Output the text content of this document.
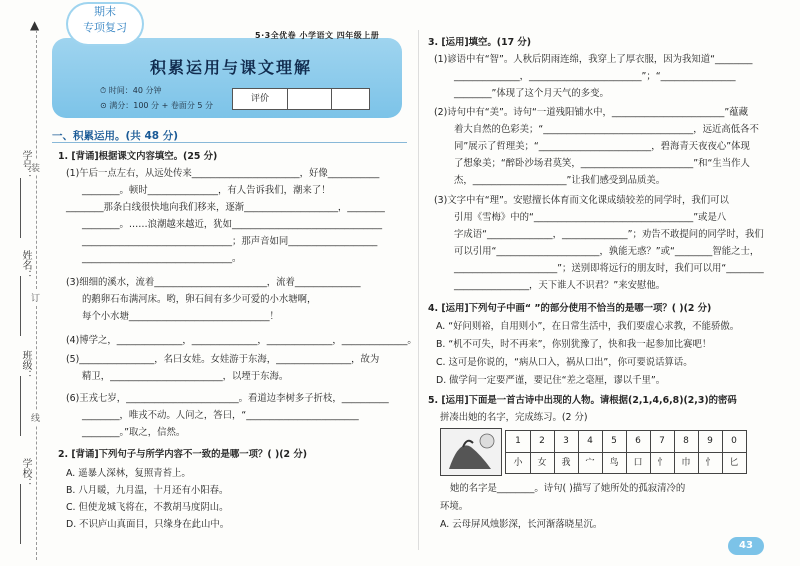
▲
学号：
姓名：
班级：
学校：
装
订
线
期末
专项复习
5·3全优卷 小学语文 四年级上册
积累运用与课文理解
⏱ 时间：40 分钟
⊙ 满分：100 分 + 卷面分 5 分
评价
一、积累运用。(共 48 分)
1. [背诵]根据课文内容填空。(25 分)
(1)午后一点左右，从远处传来_______________________，好像___________
________。顿时_______________，有人告诉我们，潮来了！
________那条白线很快地向我们移来，逐渐____________________，________
________。……浪潮越来越近，犹如________________________________
________________________________；那声音如同___________________
________________________________。
(3)细细的溪水，流着________________________，流着______________
的鹅卵石布满河床。哟，卵石间有多少可爱的小水塘啊，
每个小水塘______________________________！
(4)博学之，______________，______________，______________，______________。
(5)________________，名曰女娃。女娃游于东海，________________，故为
精卫，________________________，以堙于东海。
(6)王戎七岁，________________________。看道边李树多子折枝，__________
________，唯戎不动。人问之，答曰，“________________________
________。”取之，信然。
2. [背诵]下列句子与所学内容不一致的是哪一项？( )(2 分)
A. 遥暴人深林，复照青苔上。
B. 八月暖，九月温，十月还有小阳春。
C. 但使龙城飞将在，不教胡马度阴山。
D. 不识庐山真面目，只缘身在此山中。
3. [运用]填空。(17 分)
(1)谚语中有“智”。人秋后阴雨连绵，我穿上了厚衣服，因为我知道“________
______________，________________________”；“________________
________”体现了这个月天气的多变。
(2)诗句中有“美”。诗句“一道残阳铺水中，________________________”蕴藏
着大自然的色彩美；“________________________________，远近高低各不
同”展示了哲理美；“________________________，碧海青天夜夜心”体现
了想象美；“醉卧沙场君莫笑，________________________”和“生当作人
杰，____________________”让我们感受到品质美。
(3)文字中有“理”。安慰擅长体育而文化课成绩较差的同学时，我们可以
引用《雪梅》中的“__________________________________”或是八
字成语“______________，______________”；劝告不敢提问的同学时，我们
可以引用“______________________，孰能无惑？”或“________智能之士，
______________________”；送别即将远行的朋友时，我们可以用“________
________________，天下谁人不识君？”来安慰他。
4. [运用]下列句子中画“ ”的部分使用不恰当的是哪一项？( )(2 分)
A. “好问则裕，自用则小”，在日常生活中，我们要虚心求教，不能骄傲。
B. “机不可失，时不再来”，你别犹豫了，快和我一起参加比赛吧！
C. 这可是你说的，“病从口入，祸从口出”，你可要说话算话。
D. 做学问一定要严谨，要记住“差之毫厘，谬以千里”。
5. [运用]下面是一首古诗中出现的人物。请根据(2,1,4,6,8)(2,3)的密码
拼凑出她的名字，完成练习。(2 分)
1	2	3	4	5	6	7	8	9	0
小	女	我	宀	鸟	口	忄	巾	忄	匕
她的名字是________。诗句( )描写了她所处的孤寂清冷的
环境。
A. 云母屏风烛影深，长河渐落晓星沉。
43
